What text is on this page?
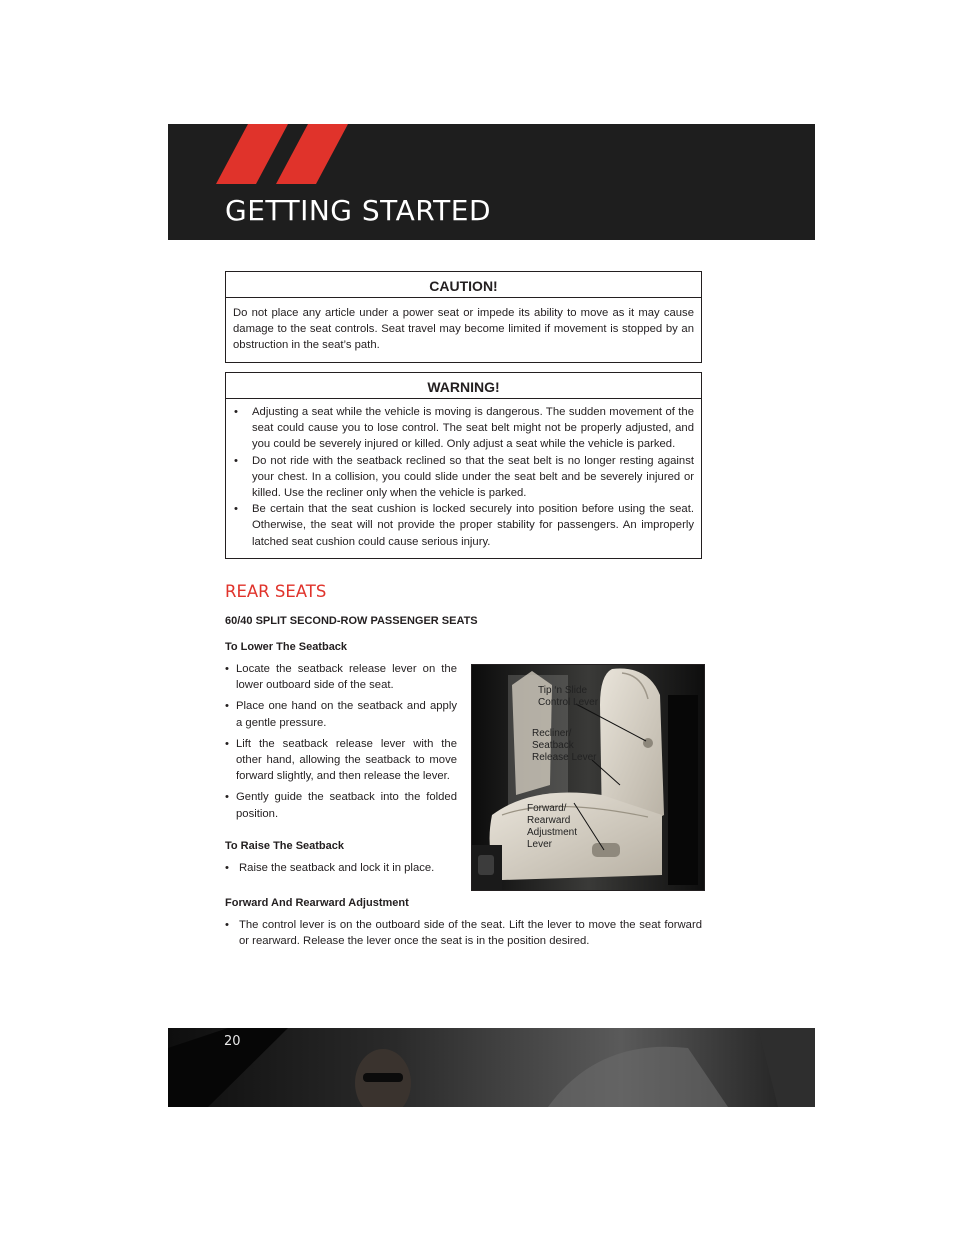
GETTING STARTED
CAUTION!
Do not place any article under a power seat or impede its ability to move as it may cause damage to the seat controls. Seat travel may become limited if movement is stopped by an obstruction in the seat’s path.
WARNING!
• Adjusting a seat while the vehicle is moving is dangerous. The sudden movement of the seat could cause you to lose control. The seat belt might not be properly adjusted, and you could be severely injured or killed. Only adjust a seat while the vehicle is parked.
• Do not ride with the seatback reclined so that the seat belt is no longer resting against your chest. In a collision, you could slide under the seat belt and be severely injured or killed. Use the recliner only when the vehicle is parked.
• Be certain that the seat cushion is locked securely into position before using the seat. Otherwise, the seat will not provide the proper stability for passengers. An improperly latched seat cushion could cause serious injury.
REAR SEATS
60/40 SPLIT SECOND-ROW PASSENGER SEATS
To Lower The Seatback
• Locate the seatback release lever on the lower outboard side of the seat.
• Place one hand on the seatback and apply a gentle pressure.
• Lift the seatback release lever with the other hand, allowing the seatback to move forward slightly, and then release the lever.
• Gently guide the seatback into the folded position.
To Raise The Seatback
• Raise the seatback and lock it in place.
Forward And Rearward Adjustment
• The control lever is on the outboard side of the seat. Lift the lever to move the seat forward or rearward. Release the lever once the seat is in the position desired.
Tip ‘n Slide
Control Lever
Recliner/
Seatback
Release Lever
Forward/
Rearward
Adjustment
Lever
20
